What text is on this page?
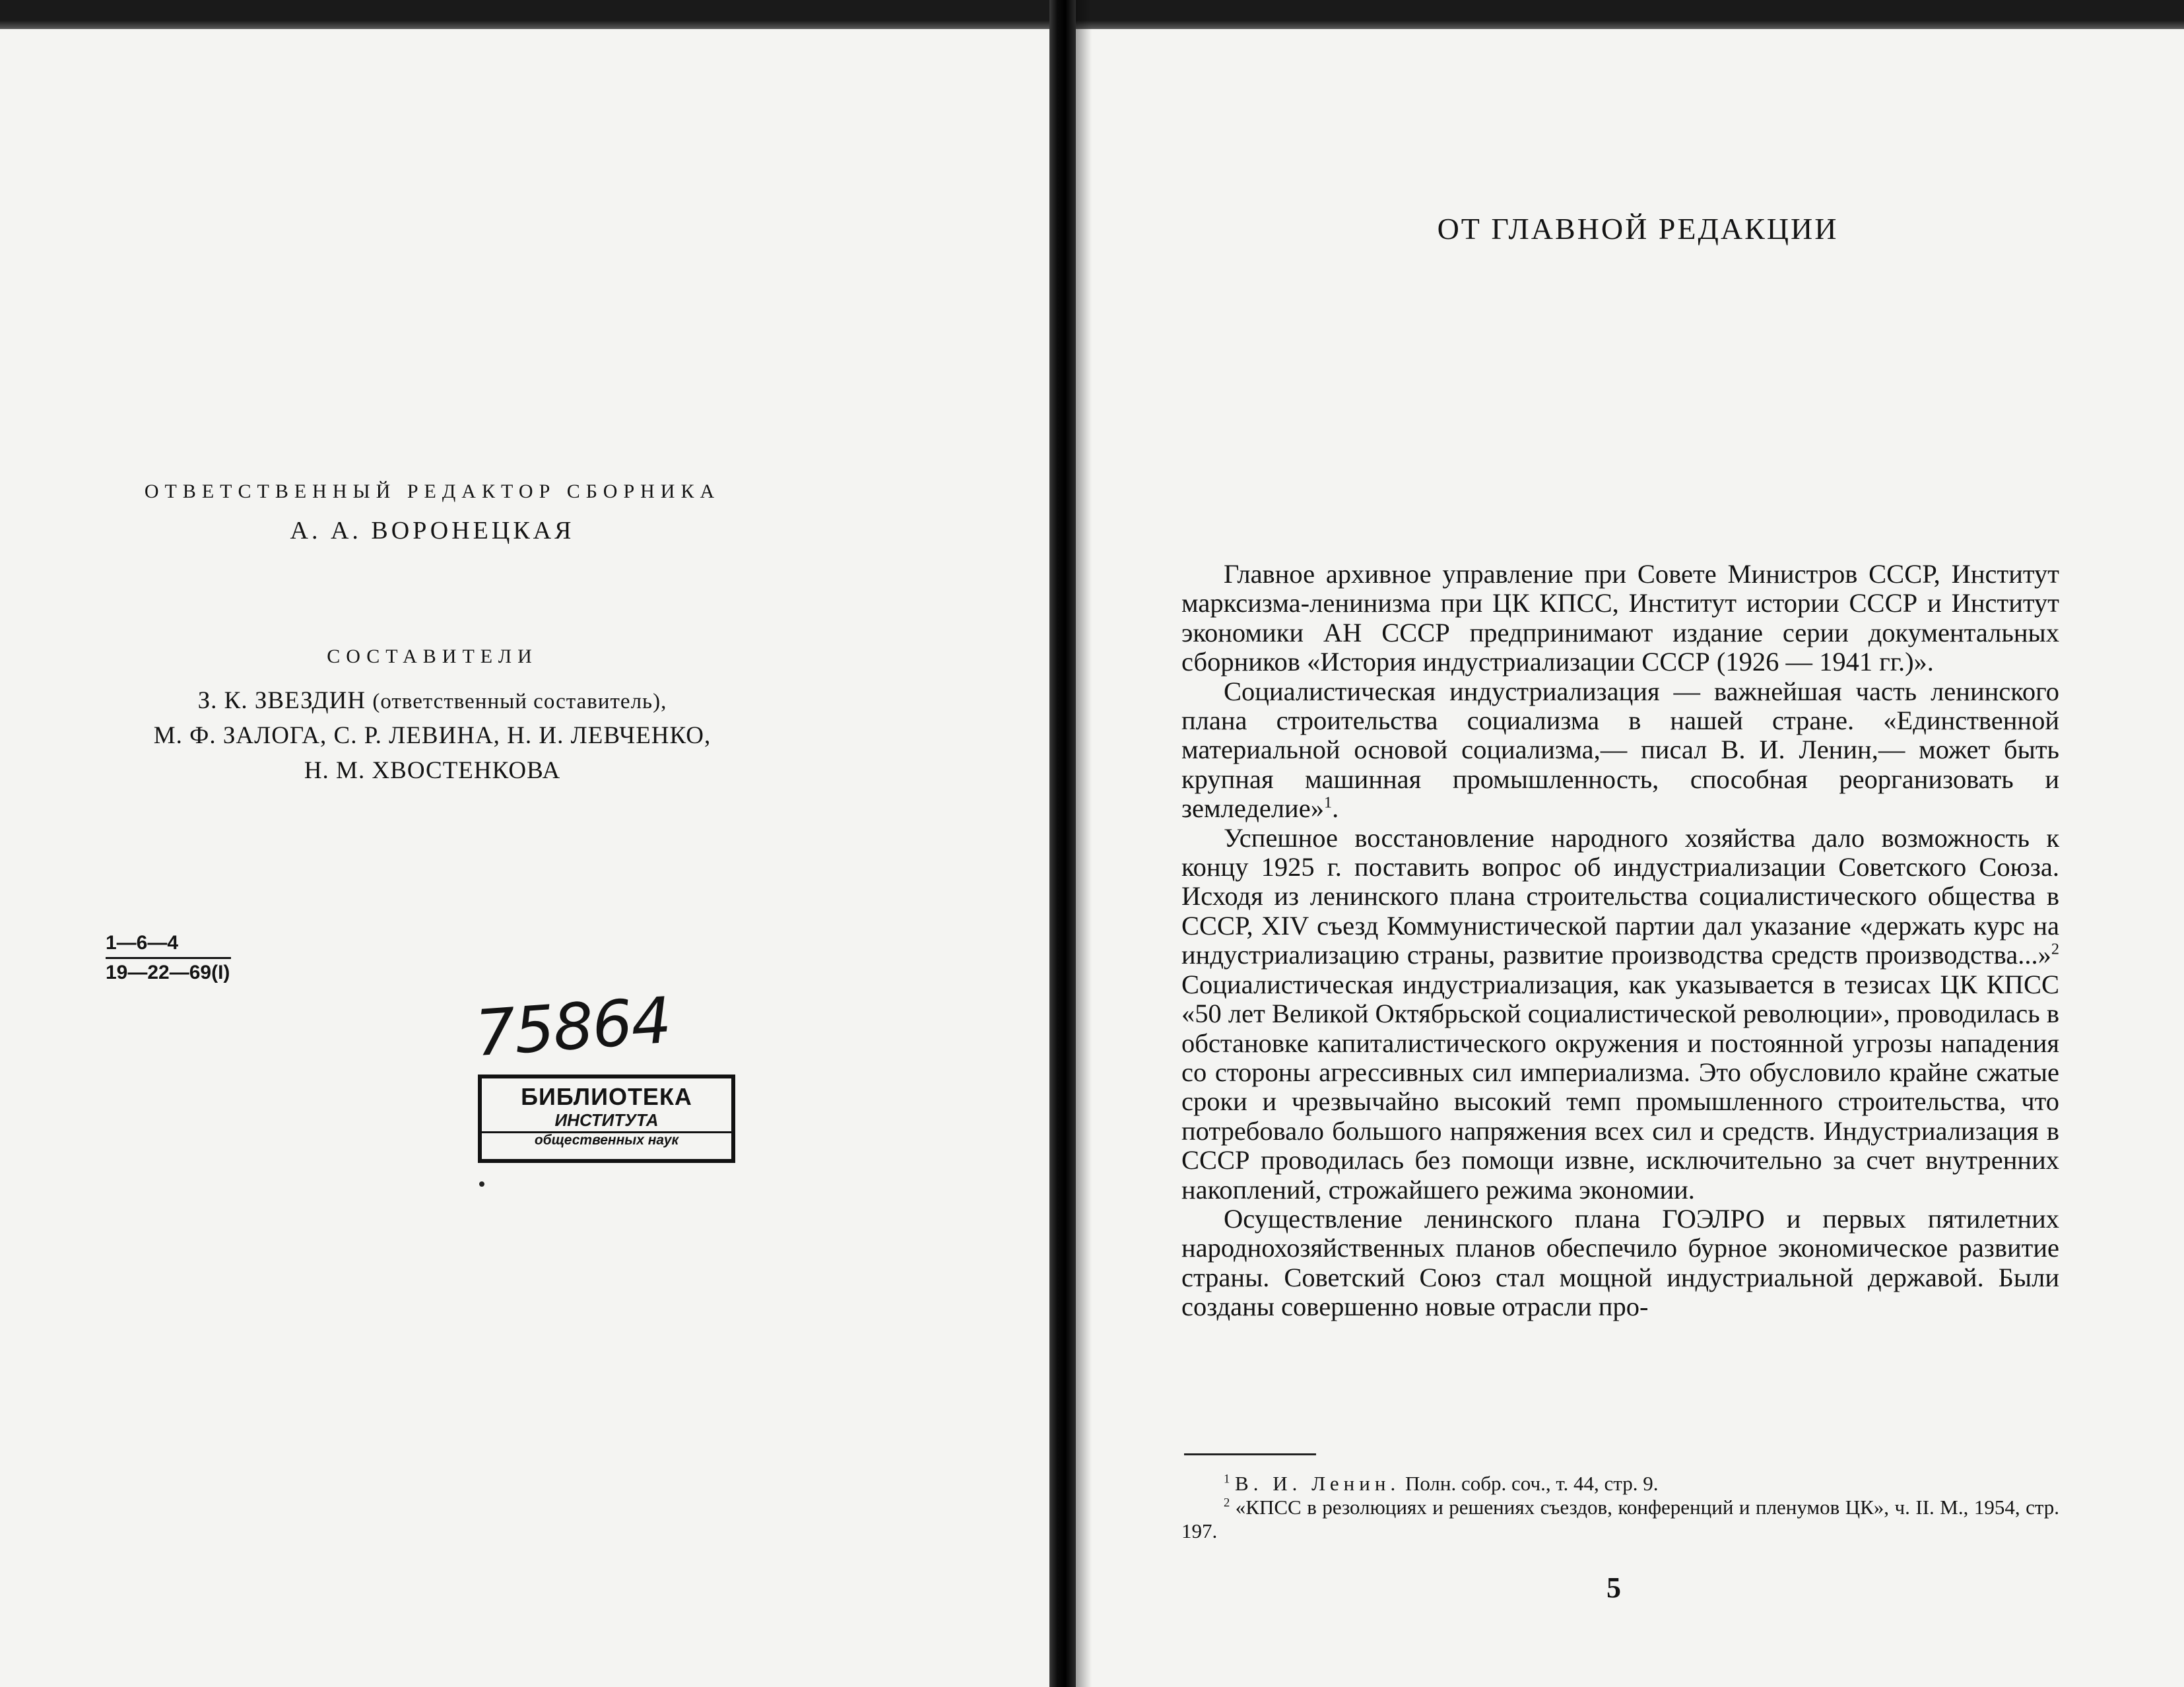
ОТВЕТСТВЕННЫЙ РЕДАКТОР СБОРНИКА
А. А. ВОРОНЕЦКАЯ
СОСТАВИТЕЛИ
З. К. ЗВЕЗДИН (ответственный составитель),
М. Ф. ЗАЛОГА, С. Р. ЛЕВИНА, Н. И. ЛЕВЧЕНКО,
Н. М. ХВОСТЕНКОВА
1—6—4
19—22—69(I)
75864
БИБЛИОТЕКА
ИНСТИТУТА
общественных наук
ОТ ГЛАВНОЙ РЕДАКЦИИ

Главное архивное управление при Совете Министров СССР, Институт марксизма-ленинизма при ЦК КПСС, Институт истории СССР и Институт экономики АН СССР предпринимают издание серии документальных сборников «История индустриализации СССР (1926 — 1941 гг.)».

Социалистическая индустриализация — важнейшая часть ленинского плана строительства социализма в нашей стране. «Единственной материальной основой социализма,— писал В. И. Ленин,— может быть крупная машинная промышленность, способная реорганизовать и земледелие»$^1$.

Успешное восстановление народного хозяйства дало возможность к концу 1925 г. поставить вопрос об индустриализации Советского Союза. Исходя из ленинского плана строительства социалистического общества в СССР, XIV съезд Коммунистической партии дал указание «держать курс на индустриализацию страны, развитие производства средств производства...»$^2$ Социалистическая индустриализация, как указывается в тезисах ЦК КПСС «50 лет Великой Октябрьской социалистической революции», проводилась в обстановке капиталистического окружения и постоянной угрозы нападения со стороны агрессивных сил империализма. Это обусловило крайне сжатые сроки и чрезвычайно высокий темп промышленного строительства, что потребовало большого напряжения всех сил и средств. Индустриализация в СССР проводилась без помощи извне, исключительно за счет внутренних накоплений, строжайшего режима экономии.

Осуществление ленинского плана ГОЭЛРО и первых пятилетних народнохозяйственных планов обеспечило бурное экономическое развитие страны. Советский Союз стал мощной индустриальной державой. Были созданы совершенно новые отрасли про-

$^1$ В. И. Ленин. Полн. собр. соч., т. 44, стр. 9.

$^2$ «КПСС в резолюциях и решениях съездов, конференций и пленумов ЦК», ч. II. М., 1954, стр. 197.

5
